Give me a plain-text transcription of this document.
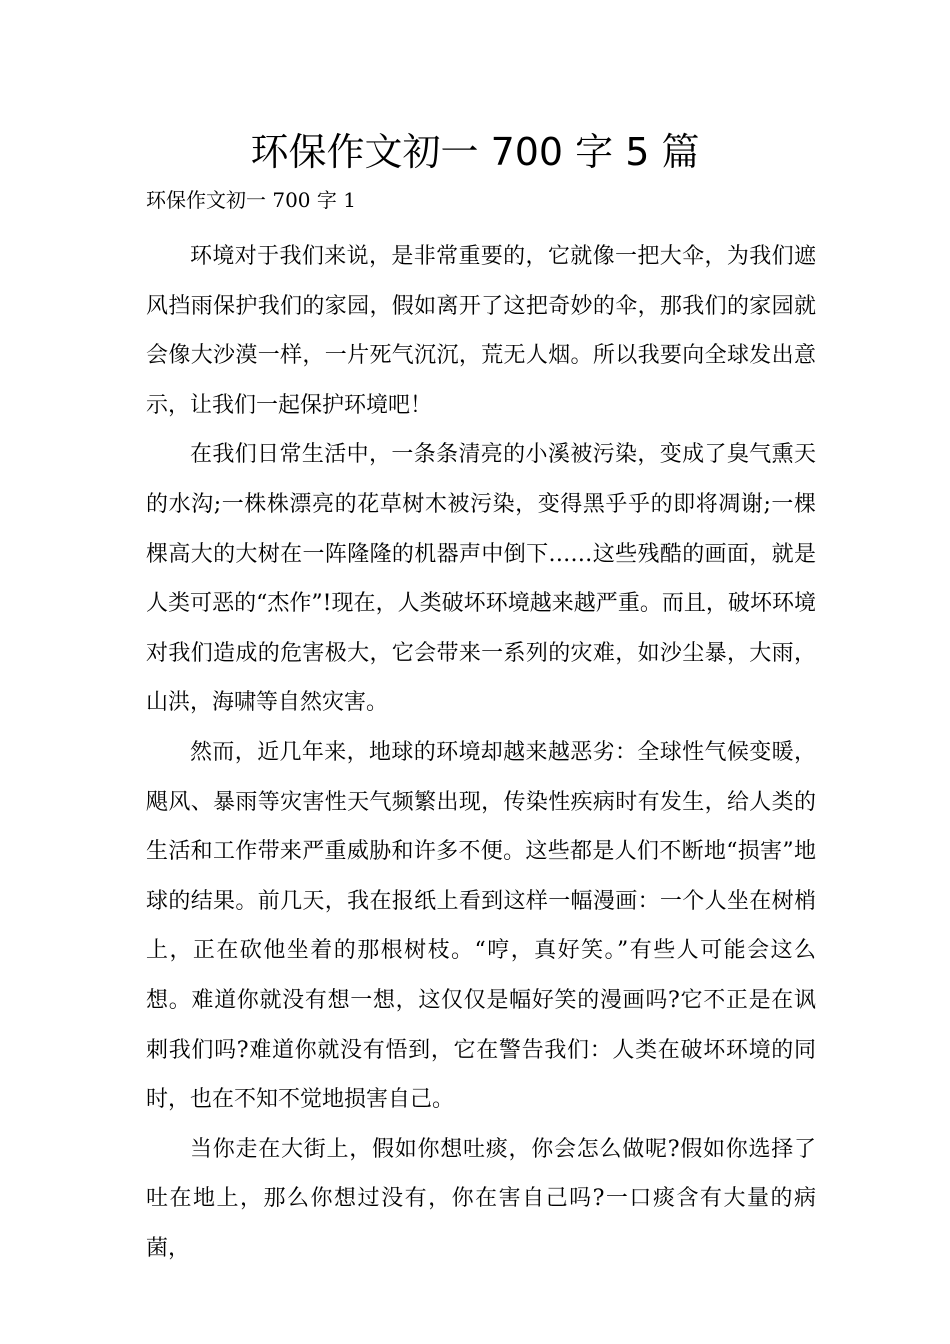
环保作文初一 700 字 5 篇
环保作文初一 700 字 1

环境对于我们来说，是非常重要的，它就像一把大伞，为我们遮风挡雨保护我们的家园，假如离开了这把奇妙的伞，那我们的家园就会像大沙漠一样，一片死气沉沉，荒无人烟。所以我要向全球发出意示，让我们一起保护环境吧！

在我们日常生活中，一条条清亮的小溪被污染，变成了臭气熏天的水沟;一株株漂亮的花草树木被污染，变得黑乎乎的即将凋谢;一棵棵高大的大树在一阵隆隆的机器声中倒下……这些残酷的画面，就是人类可恶的“杰作”!现在，人类破坏环境越来越严重。而且，破坏环境对我们造成的危害极大，它会带来一系列的灾难，如沙尘暴，大雨，山洪，海啸等自然灾害。

然而，近几年来，地球的环境却越来越恶劣：全球性气候变暖，飓风、暴雨等灾害性天气频繁出现，传染性疾病时有发生，给人类的生活和工作带来严重威胁和许多不便。这些都是人们不断地“损害”地球的结果。前几天，我在报纸上看到这样一幅漫画：一个人坐在树梢上，正在砍他坐着的那根树枝。“哼，真好笑。”有些人可能会这么想。难道你就没有想一想，这仅仅是幅好笑的漫画吗?它不正是在讽刺我们吗?难道你就没有悟到，它在警告我们：人类在破坏环境的同时，也在不知不觉地损害自己。

当你走在大街上，假如你想吐痰，你会怎么做呢?假如你选择了吐在地上，那么你想过没有，你在害自己吗?一口痰含有大量的病菌，
